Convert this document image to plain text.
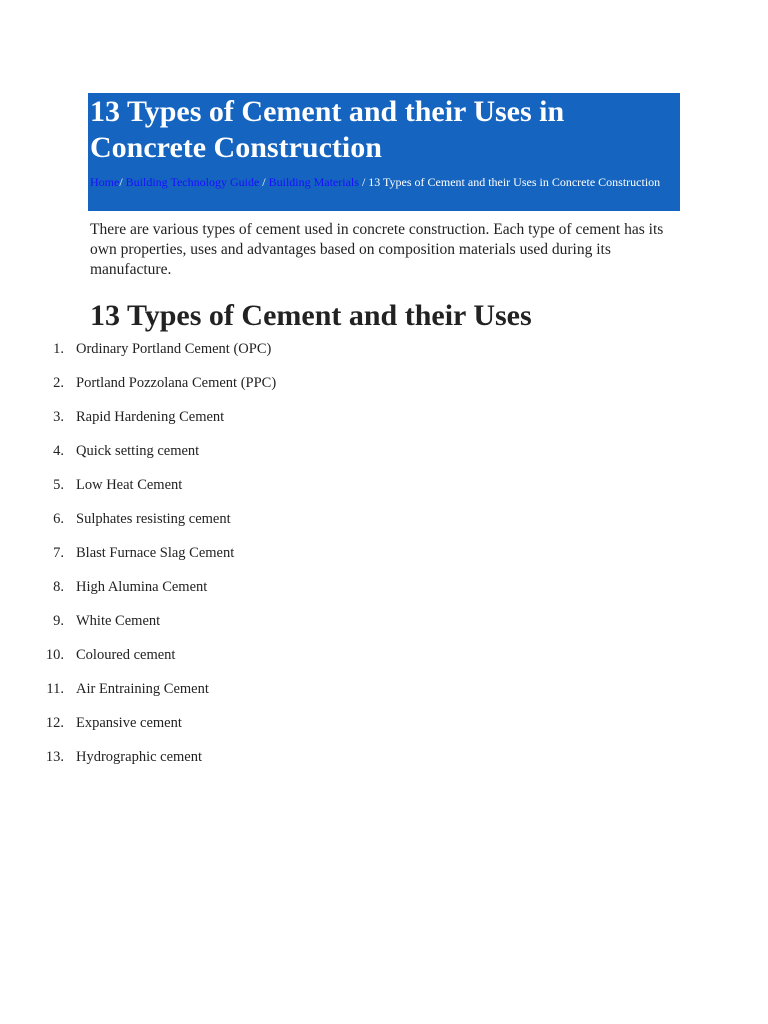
13 Types of Cement and their Uses in Concrete Construction
Home/ Building Technology Guide / Building Materials / 13 Types of Cement and their Uses in Concrete Construction

There are various types of cement used in concrete construction. Each type of cement has its own properties, uses and advantages based on composition materials used during its manufacture.

13 Types of Cement and their Uses
1. Ordinary Portland Cement (OPC)
2. Portland Pozzolana Cement (PPC)
3. Rapid Hardening Cement
4. Quick setting cement
5. Low Heat Cement
6. Sulphates resisting cement
7. Blast Furnace Slag Cement
8. High Alumina Cement
9. White Cement
10. Coloured cement
11. Air Entraining Cement
12. Expansive cement
13. Hydrographic cement
